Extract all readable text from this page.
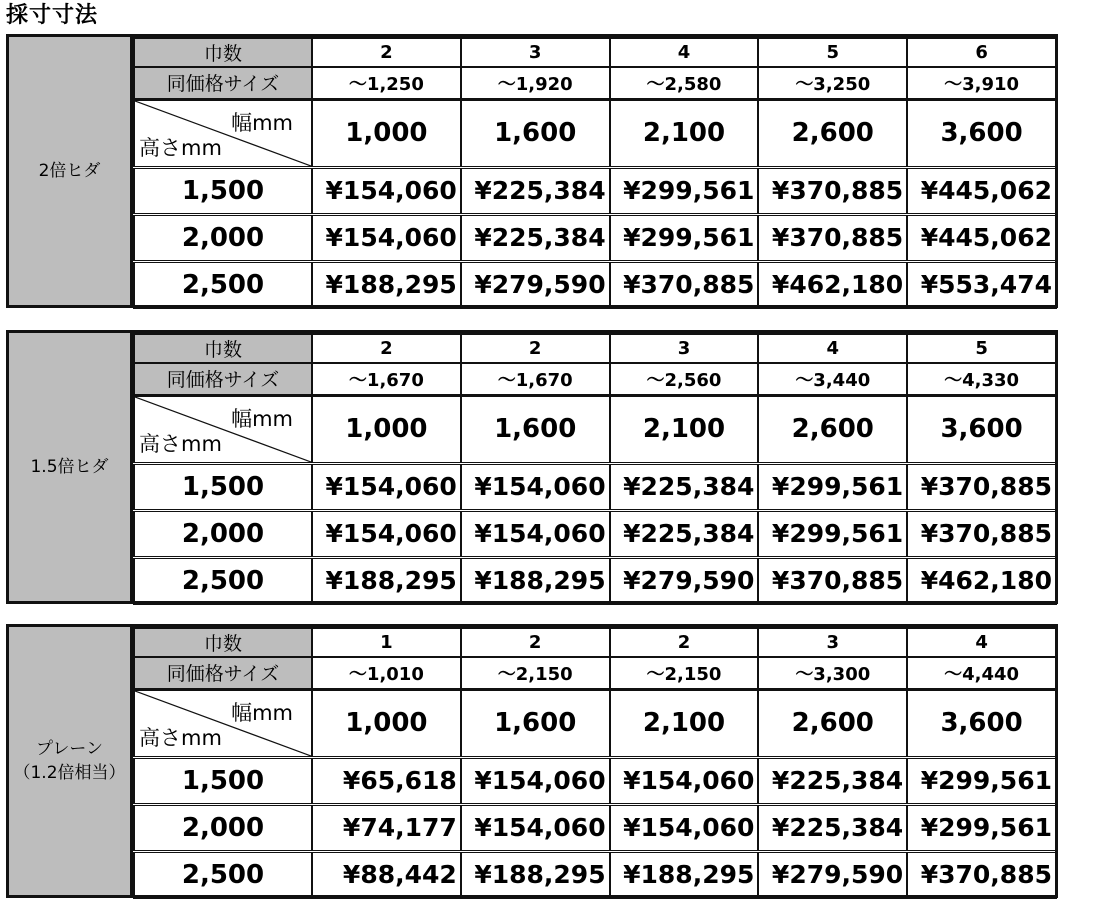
採寸寸法
2倍ヒダ
巾数	2	3	4	5	6
同価格サイズ	～1,250	～1,920	～2,580	～3,250	～3,910

幅mm
高さmm	1,000	1,600	2,100	2,600	3,600
1,500	¥154,060	¥225,384	¥299,561	¥370,885	¥445,062
2,000	¥154,060	¥225,384	¥299,561	¥370,885	¥445,062
2,500	¥188,295	¥279,590	¥370,885	¥462,180	¥553,474
1.5倍ヒダ
巾数	2	2	3	4	5
同価格サイズ	～1,670	～1,670	～2,560	～3,440	～4,330

幅mm
高さmm	1,000	1,600	2,100	2,600	3,600
1,500	¥154,060	¥154,060	¥225,384	¥299,561	¥370,885
2,000	¥154,060	¥154,060	¥225,384	¥299,561	¥370,885
2,500	¥188,295	¥188,295	¥279,590	¥370,885	¥462,180
プレーン
（1.2倍相当）
巾数	1	2	2	3	4
同価格サイズ	～1,010	～2,150	～2,150	～3,300	～4,440

幅mm
高さmm	1,000	1,600	2,100	2,600	3,600
1,500	¥65,618	¥154,060	¥154,060	¥225,384	¥299,561
2,000	¥74,177	¥154,060	¥154,060	¥225,384	¥299,561
2,500	¥88,442	¥188,295	¥188,295	¥279,590	¥370,885
